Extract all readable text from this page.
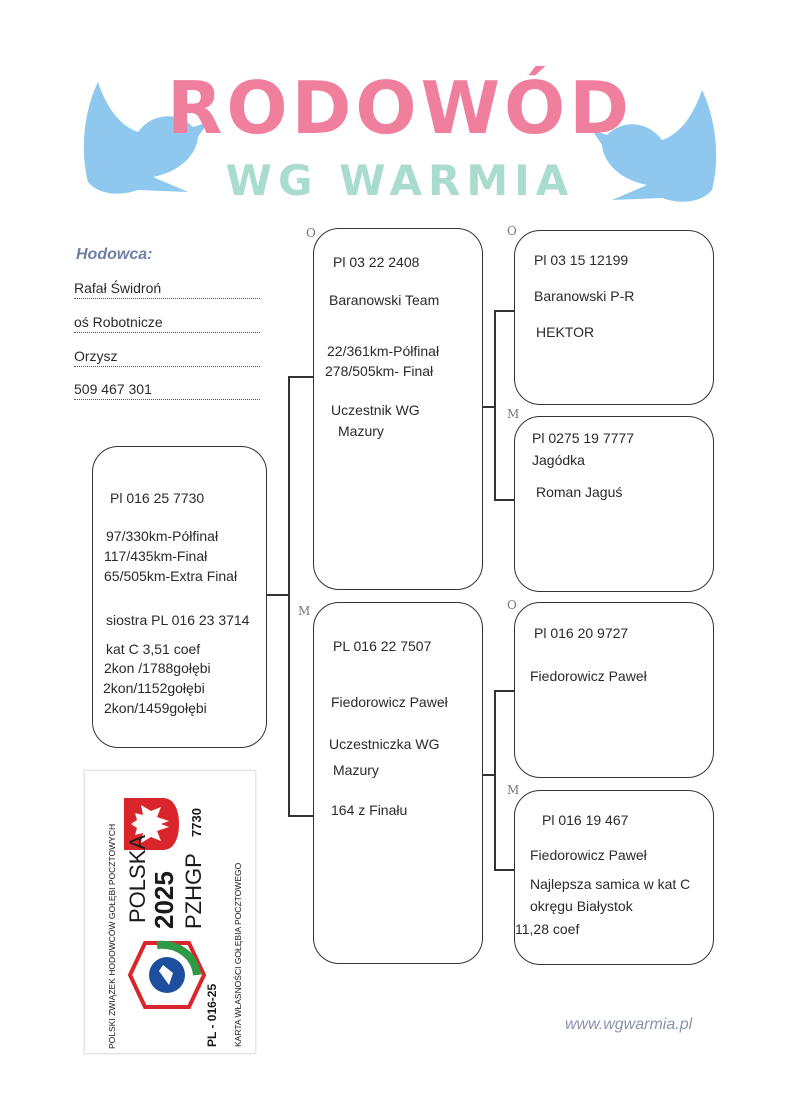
RODOWÓD
WG WARMIA
Hodowca:
Rafał Świdroń
oś Robotnicze
Orzysz
509 467 301
O
M
O
M
O
M
Pl 016 25 7730
97/330km-Półfinał
117/435km-Finał
65/505km-Extra Finał
siostra PL 016 23 3714
kat C 3,51 coef
2kon /1788gołębi
2kon/1152gołębi
2kon/1459gołębi
Pl 03 22 2408
Baranowski Team
22/361km-Półfinał
278/505km- Finał
Uczestnik WG
Mazury
PL 016 22 7507
Fiedorowicz Paweł
Uczestniczka WG
Mazury
164 z Finału
Pl 03 15 12199
Baranowski P-R
HEKTOR
Pl 0275 19 7777
Jagódka
Roman Jaguś
Pl 016 20 9727
Fiedorowicz Paweł
Pl 016 19 467
Fiedorowicz Paweł
Najlepsza samica w kat C
okręgu Białystok
11,28 coef
POLSKI ZWIĄZEK HODOWCÓW GOŁĘBI POCZTOWYCH POLSKA 2025 PZHGP
7730
PL - 016-25 KARTA WŁASNOŚCI GOŁĘBIA POCZTOWEGO	www.wgwarmia.pl
